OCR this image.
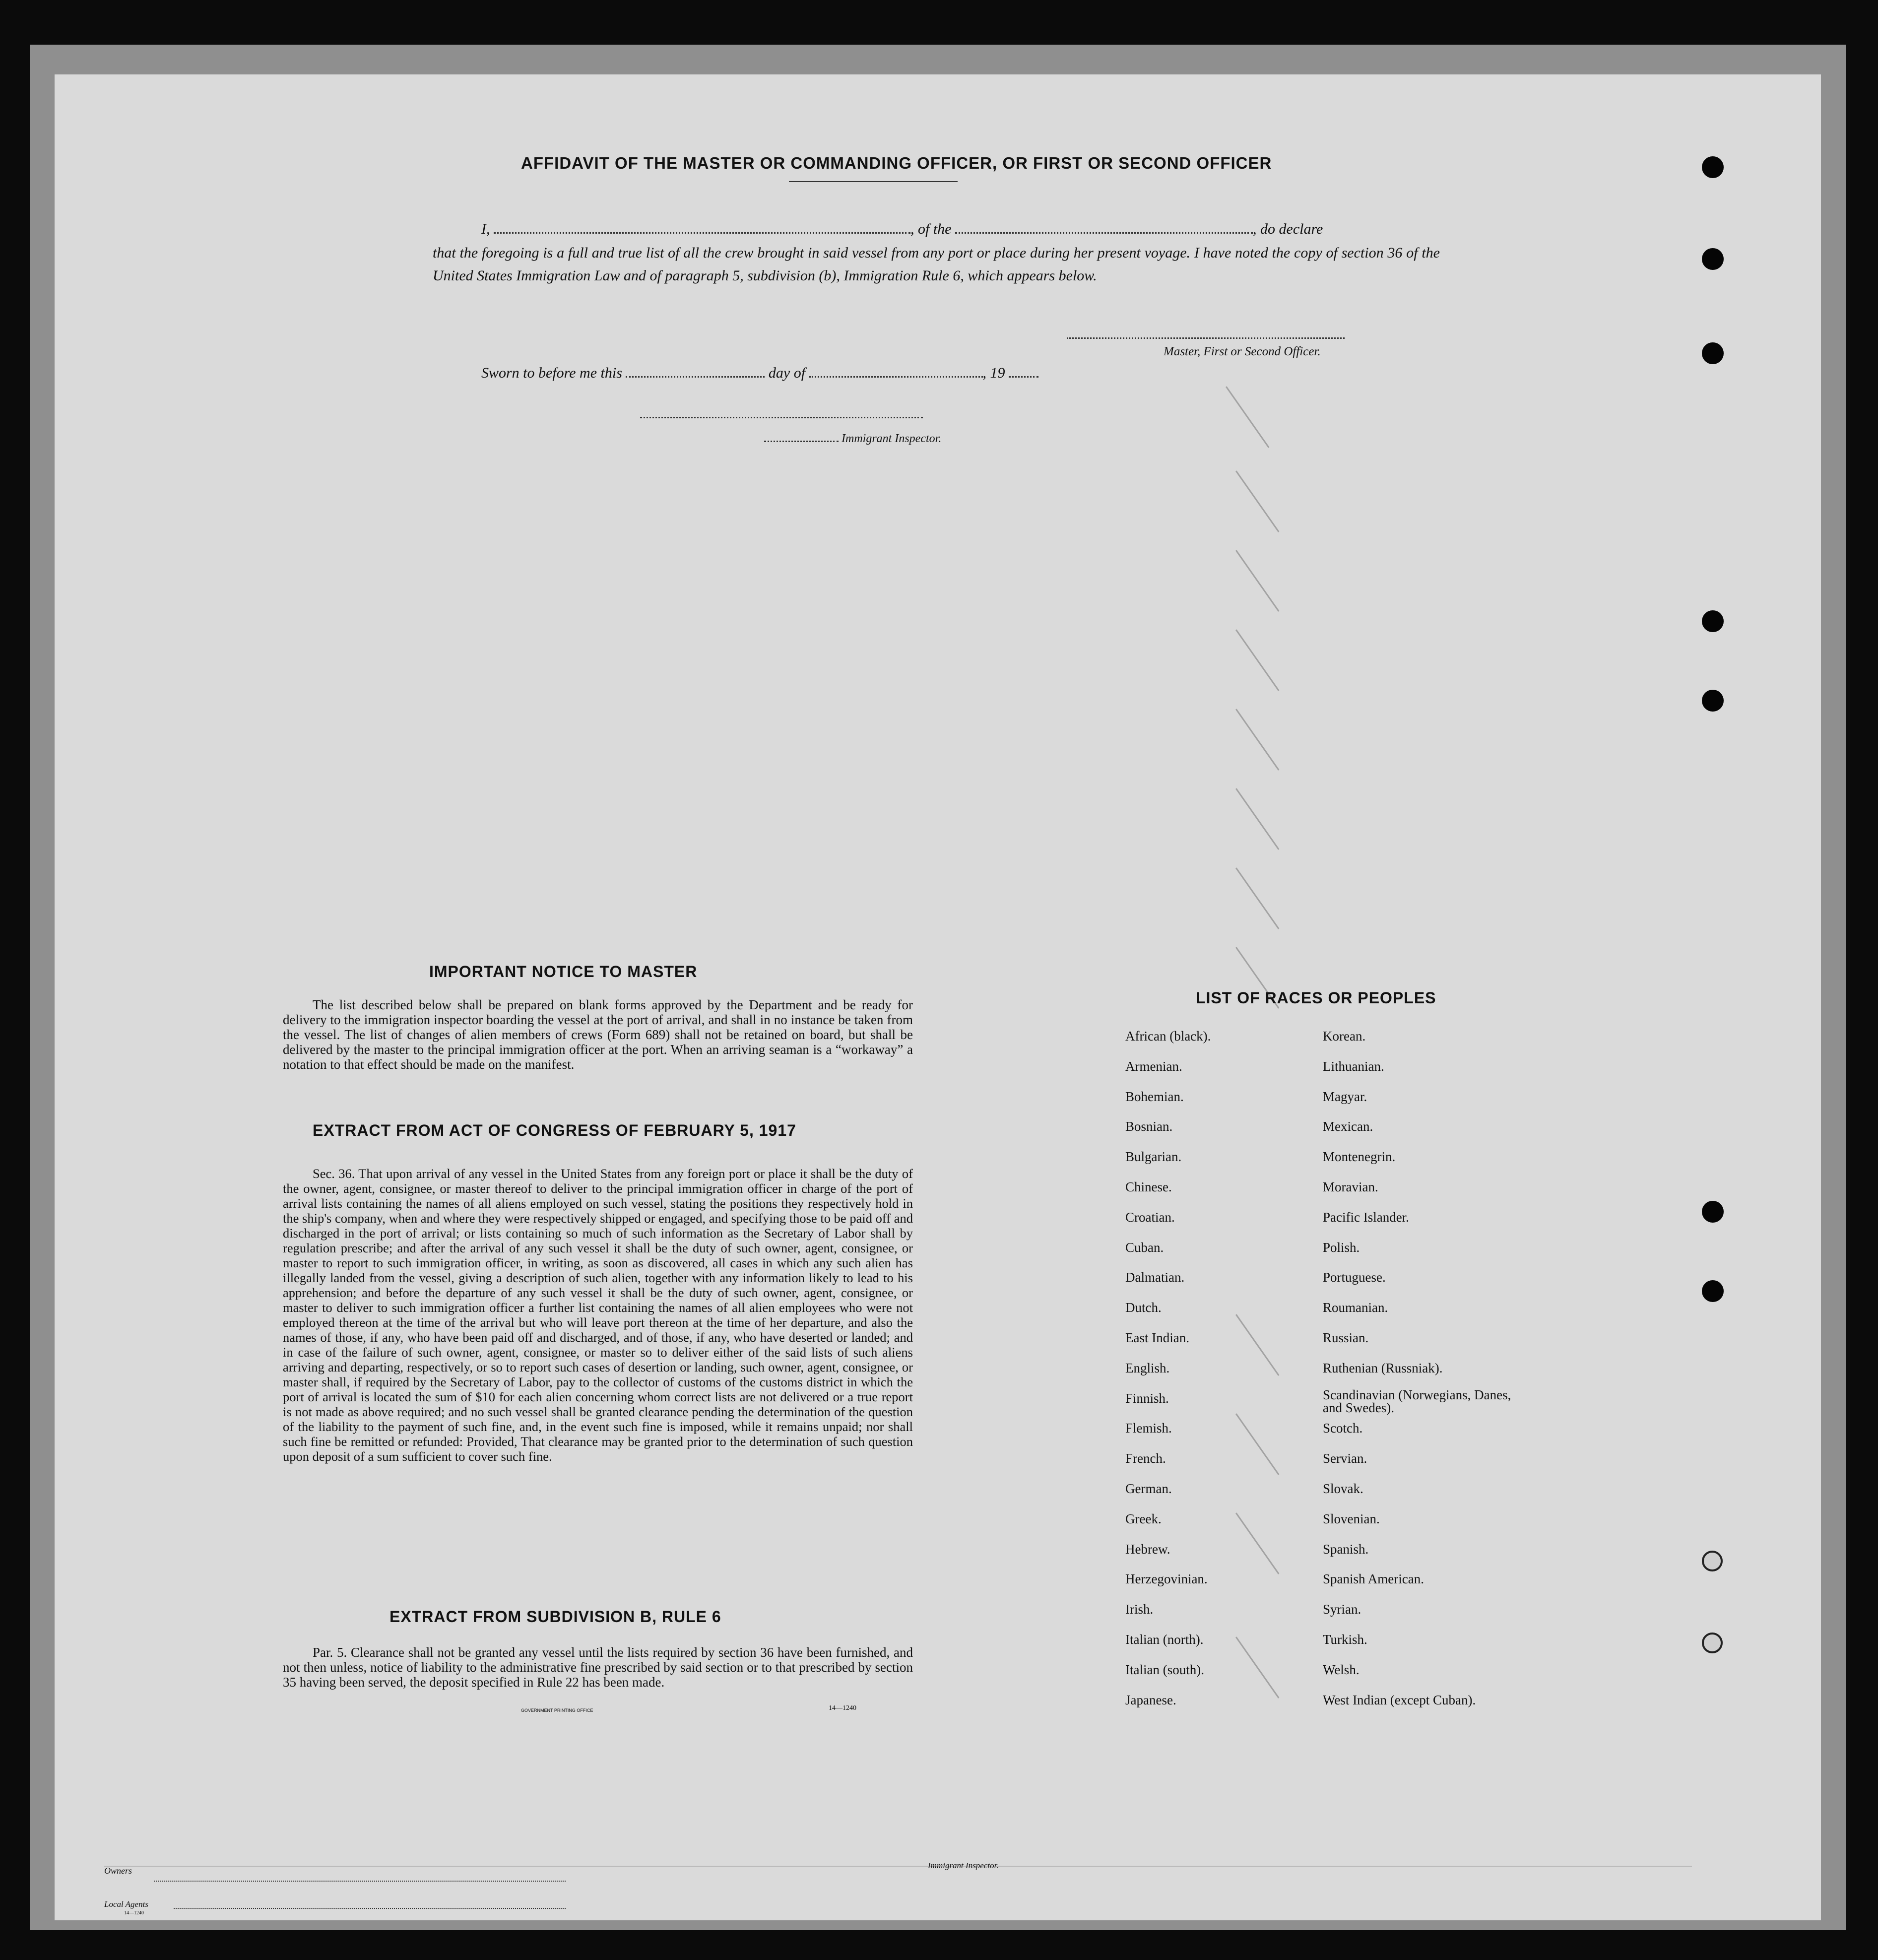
AFFIDAVIT OF THE MASTER OR COMMANDING OFFICER, OR FIRST OR SECOND OFFICER
I,	, of the	, do declare
that the foregoing is a full and true list of all the crew brought in said vessel from any port or place during her present voyage. I have noted the copy of section 36 of the United States Immigration Law and of paragraph 5, subdivision (b), Immigration Rule 6, which appears below.
Master, First or Second Officer.
Sworn to before me this	day of	, 19
Immigrant Inspector.
IMPORTANT NOTICE TO MASTER
The list described below shall be prepared on blank forms approved by the Department and be ready for delivery to the immigration inspector boarding the vessel at the port of arrival, and shall in no instance be taken from the vessel. The list of changes of alien members of crews (Form 689) shall not be retained on board, but shall be delivered by the master to the principal immigration officer at the port. When an arriving seaman is a “workaway” a notation to that effect should be made on the manifest.
EXTRACT FROM ACT OF CONGRESS OF FEBRUARY 5, 1917
Sec. 36. That upon arrival of any vessel in the United States from any foreign port or place it shall be the duty of the owner, agent, consignee, or master thereof to deliver to the principal immigration officer in charge of the port of arrival lists containing the names of all aliens employed on such vessel, stating the positions they respectively hold in the ship's company, when and where they were respectively shipped or engaged, and specifying those to be paid off and discharged in the port of arrival; or lists containing so much of such information as the Secretary of Labor shall by regulation prescribe; and after the arrival of any such vessel it shall be the duty of such owner, agent, consignee, or master to report to such immigration officer, in writing, as soon as discovered, all cases in which any such alien has illegally landed from the vessel, giving a description of such alien, together with any information likely to lead to his apprehension; and before the departure of any such vessel it shall be the duty of such owner, agent, consignee, or master to deliver to such immigration officer a further list containing the names of all alien employees who were not employed thereon at the time of the arrival but who will leave port thereon at the time of her departure, and also the names of those, if any, who have been paid off and discharged, and of those, if any, who have deserted or landed; and in case of the failure of such owner, agent, consignee, or master so to deliver either of the said lists of such aliens arriving and departing, respectively, or so to report such cases of desertion or landing, such owner, agent, consignee, or master shall, if required by the Secretary of Labor, pay to the collector of customs of the customs district in which the port of arrival is located the sum of $10 for each alien concerning whom correct lists are not delivered or a true report is not made as above required; and no such vessel shall be granted clearance pending the determination of the question of the liability to the payment of such fine, and, in the event such fine is imposed, while it remains unpaid; nor shall such fine be remitted or refunded: Provided, That clearance may be granted prior to the determination of such question upon deposit of a sum sufficient to cover such fine.
EXTRACT FROM SUBDIVISION B, RULE 6
Par. 5. Clearance shall not be granted any vessel until the lists required by section 36 have been furnished, and not then unless, notice of liability to the administrative fine prescribed by said section or to that prescribed by section 35 having been served, the deposit specified in Rule 22 has been made.
GOVERNMENT PRINTING OFFICE	14—1240
LIST OF RACES OR PEOPLES
African (black).
Armenian.
Bohemian.
Bosnian.
Bulgarian.
Chinese.
Croatian.
Cuban.
Dalmatian.
Dutch.
East Indian.
English.
Finnish.
Flemish.
French.
German.
Greek.
Hebrew.
Herzegovinian.
Irish.
Italian (north).
Italian (south).
Japanese.
Korean.
Lithuanian.
Magyar.
Mexican.
Montenegrin.
Moravian.
Pacific Islander.
Polish.
Portuguese.
Roumanian.
Russian.
Ruthenian (Russniak).
Scandinavian (Norwegians, Danes, and Swedes).
Scotch.
Servian.
Slovak.
Slovenian.
Spanish.
Spanish American.
Syrian.
Turkish.
Welsh.
West Indian (except Cuban).
Owners
Local Agents
14—1240
Immigrant Inspector.
